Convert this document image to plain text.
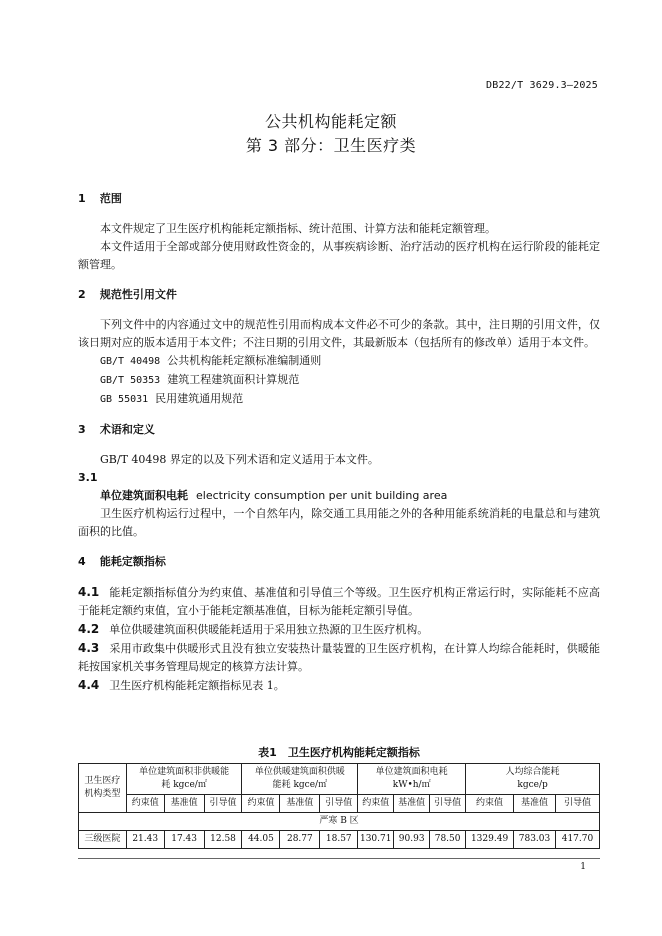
DB22/T 3629.3—2025
公共机构能耗定额
第 3 部分：卫生医疗类
1 范围

本文件规定了卫生医疗机构能耗定额指标、统计范围、计算方法和能耗定额管理。

本文件适用于全部或部分使用财政性资金的，从事疾病诊断、治疗活动的医疗机构在运行阶段的能耗定额管理。

2 规范性引用文件

下列文件中的内容通过文中的规范性引用而构成本文件必不可少的条款。其中，注日期的引用文件，仅该日期对应的版本适用于本文件；不注日期的引用文件，其最新版本（包括所有的修改单）适用于本文件。

GB/T 40498 公共机构能耗定额标准编制通则

GB/T 50353 建筑工程建筑面积计算规范

GB 55031 民用建筑通用规范

3 术语和定义

GB/T 40498 界定的以及下列术语和定义适用于本文件。

3.1

单位建筑面积电耗 electricity consumption per unit building area

卫生医疗机构运行过程中，一个自然年内，除交通工具用能之外的各种用能系统消耗的电量总和与建筑面积的比值。

4 能耗定额指标

4.1 能耗定额指标值分为约束值、基准值和引导值三个等级。卫生医疗机构正常运行时，实际能耗不应高于能耗定额约束值，宜小于能耗定额基准值，目标为能耗定额引导值。

4.2 单位供暖建筑面积供暖能耗适用于采用独立热源的卫生医疗机构。

4.3 采用市政集中供暖形式且没有独立安装热计量装置的卫生医疗机构，在计算人均综合能耗时，供暖能耗按国家机关事务管理局规定的核算方法计算。

4.4 卫生医疗机构能耗定额指标见表 1。

表1　卫生医疗机构能耗定额指标
卫生医疗机构类型	单位建筑面积非供暖能
耗 kgce/㎡			单位供暖建筑面积供暖
能耗 kgce/㎡			单位建筑面积电耗
kW•h/㎡			人均综合能耗
kgce/p		
	约束值	基准值	引导值	约束值	基准值	引导值	约束值	基准值	引导值	约束值	基准值	引导值
严寒 B 区												
三级医院	21.43	17.43	12.58	44.05	28.77	18.57	130.71	90.93	78.50	1329.49	783.03	417.70
1
